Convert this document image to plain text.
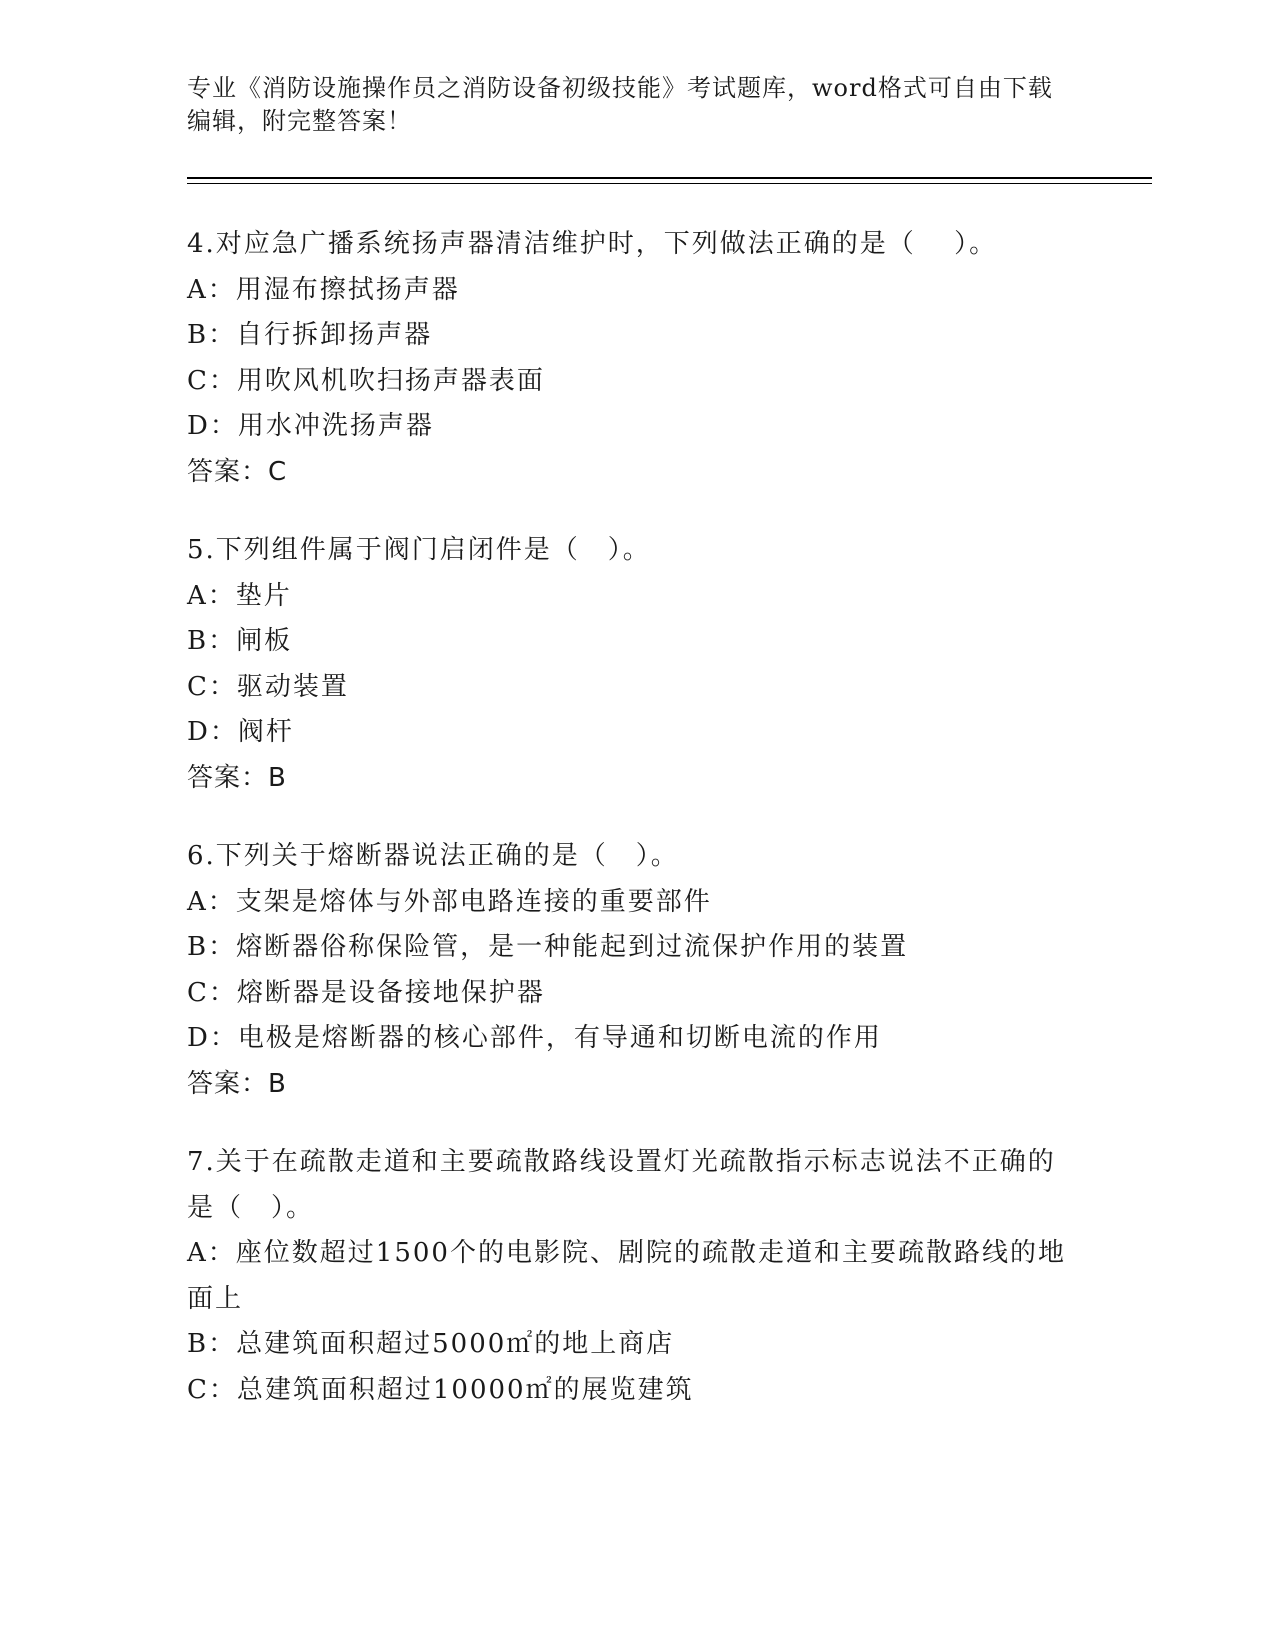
专业《消防设施操作员之消防设备初级技能》考试题库，word格式可自由下载编辑，附完整答案！

4.对应急广播系统扬声器清洁维护时，下列做法正确的是（　 ）。

A：用湿布擦拭扬声器

B：自行拆卸扬声器

C：用吹风机吹扫扬声器表面

D：用水冲洗扬声器

答案：C

5.下列组件属于阀门启闭件是（　）。

A：垫片

B：闸板

C：驱动装置

D：阀杆

答案：B

6.下列关于熔断器说法正确的是（　）。

A：支架是熔体与外部电路连接的重要部件

B：熔断器俗称保险管，是一种能起到过流保护作用的装置

C：熔断器是设备接地保护器

D：电极是熔断器的核心部件，有导通和切断电流的作用

答案：B

7.关于在疏散走道和主要疏散路线设置灯光疏散指示标志说法不正确的是（　）。

A：座位数超过1500个的电影院、剧院的疏散走道和主要疏散路线的地面上

B：总建筑面积超过5000㎡的地上商店

C：总建筑面积超过10000㎡的展览建筑
